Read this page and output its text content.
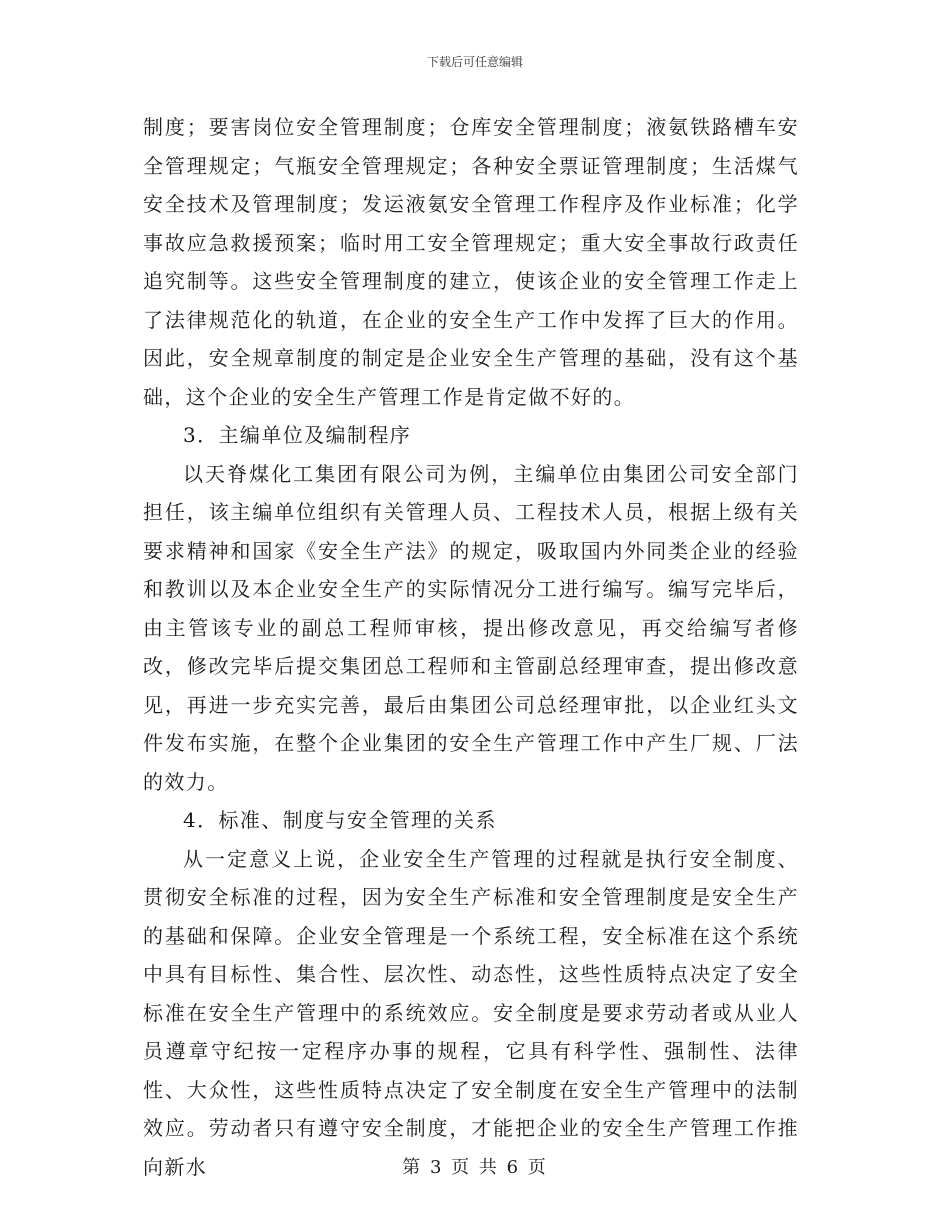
下载后可任意编辑

制度；要害岗位安全管理制度；仓库安全管理制度；液氨铁路槽车安全管理规定；气瓶安全管理规定；各种安全票证管理制度；生活煤气安全技术及管理制度；发运液氨安全管理工作程序及作业标准；化学事故应急救援预案；临时用工安全管理规定；重大安全事故行政责任追究制等。这些安全管理制度的建立，使该企业的安全管理工作走上了法律规范化的轨道，在企业的安全生产工作中发挥了巨大的作用。因此，安全规章制度的制定是企业安全生产管理的基础，没有这个基础，这个企业的安全生产管理工作是肯定做不好的。

3．主编单位及编制程序

以天脊煤化工集团有限公司为例，主编单位由集团公司安全部门担任，该主编单位组织有关管理人员、工程技术人员，根据上级有关要求精神和国家《安全生产法》的规定，吸取国内外同类企业的经验和教训以及本企业安全生产的实际情况分工进行编写。编写完毕后，由主管该专业的副总工程师审核，提出修改意见，再交给编写者修改，修改完毕后提交集团总工程师和主管副总经理审查，提出修改意见，再进一步充实完善，最后由集团公司总经理审批，以企业红头文件发布实施，在整个企业集团的安全生产管理工作中产生厂规、厂法的效力。

4．标准、制度与安全管理的关系

从一定意义上说，企业安全生产管理的过程就是执行安全制度、贯彻安全标准的过程，因为安全生产标准和安全管理制度是安全生产的基础和保障。企业安全管理是一个系统工程，安全标准在这个系统中具有目标性、集合性、层次性、动态性，这些性质特点决定了安全标准在安全生产管理中的系统效应。安全制度是要求劳动者或从业人员遵章守纪按一定程序办事的规程，它具有科学性、强制性、法律性、大众性，这些性质特点决定了安全制度在安全生产管理中的法制效应。劳动者只有遵守安全制度，才能把企业的安全生产管理工作推向新水	第 3 页 共 6 页
